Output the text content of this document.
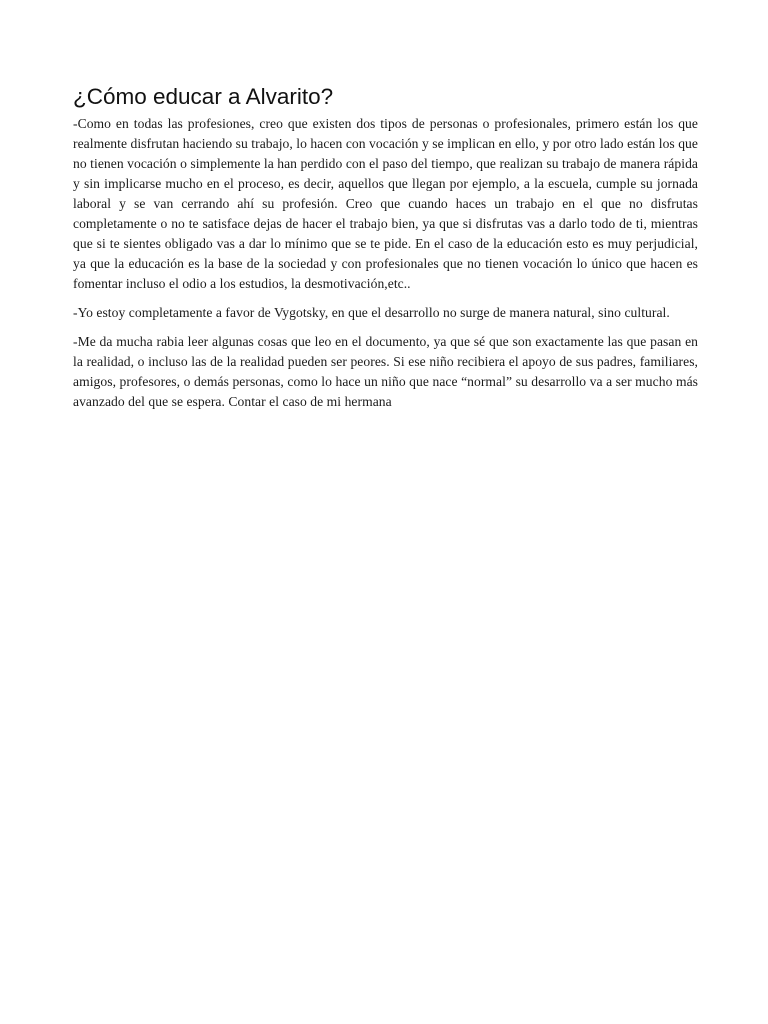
¿Cómo educar a Alvarito?

-Como en todas las profesiones, creo que existen dos tipos de personas o profesionales, primero están los que realmente disfrutan haciendo su trabajo, lo hacen con vocación y se implican en ello, y por otro lado están los que no tienen vocación o simplemente la han perdido con el paso del tiempo, que realizan su trabajo de manera rápida y sin implicarse mucho en el proceso, es decir, aquellos que llegan por ejemplo, a la escuela, cumple su jornada laboral y se van cerrando ahí su profesión. Creo que cuando haces un trabajo en el que no disfrutas completamente o no te satisface dejas de hacer el trabajo bien, ya que si disfrutas vas a darlo todo de ti, mientras que si te sientes obligado vas a dar lo mínimo que se te pide. En el caso de la educación esto es muy perjudicial, ya que la educación es la base de la sociedad y con profesionales que no tienen vocación lo único que hacen es fomentar incluso el odio a los estudios, la desmotivación,etc..

-Yo estoy completamente a favor de Vygotsky, en que el desarrollo no surge de manera natural, sino cultural.

-Me da mucha rabia leer algunas cosas que leo en el documento, ya que sé que son exactamente las que pasan en la realidad, o incluso las de la realidad pueden ser peores. Si ese niño recibiera el apoyo de sus padres, familiares, amigos, profesores, o demás personas, como lo hace un niño que nace “normal” su desarrollo va a ser mucho más avanzado del que se espera. Contar el caso de mi hermana
